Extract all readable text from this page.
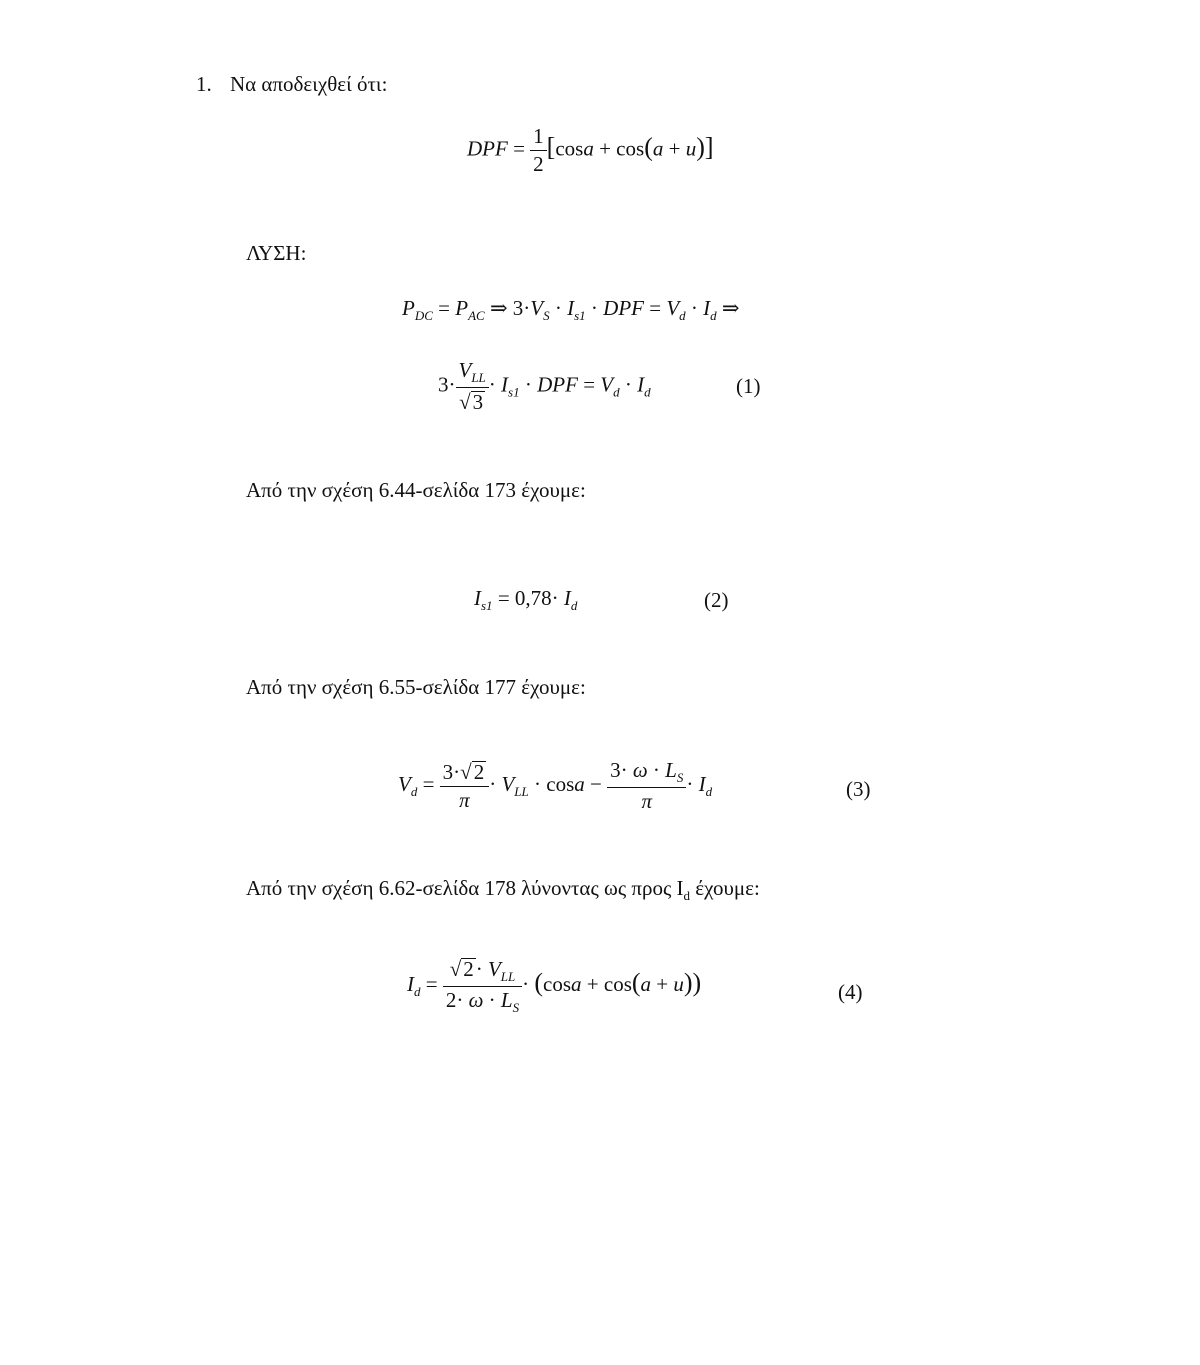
1. Να αποδειχθεί ότι:
DPF = $\frac{1}{2} [\cos a + \cos(a + u)]$
ΛΥΣΗ:
$P_{DC} = P_{AC}$ ⇒ $3\cdot V_S \cdot I_{s1}$ · DPF = $V_d \cdot I_d$ ⇒
$3\cdot \frac{V_{LL}}{√3} \cdot I_{s1}$ · DPF = $V_d \cdot I_d$	(1)
Από την σχέση 6.44-σελίδα 173 έχουμε:
$I_{s1} = 0,78\cdot I_d$	(2)
Από την σχέση 6.55-σελίδα 177 έχουμε:
$V_d = \frac{3\cdot√2}{\pi} \cdot V_{LL} \cdot \cos a - \frac{3\cdot \omega \cdot L_S}{\pi} \cdot I_d$	(3)
Από την σχέση 6.62-σελίδα 178 λύνοντας ως προς $I_d$ έχουμε:
$I_d = \frac{√2\cdot V_{LL}}{2\cdot \omega \cdot L_S} \cdot (\cos a + \cos(a + u))$	(4)
